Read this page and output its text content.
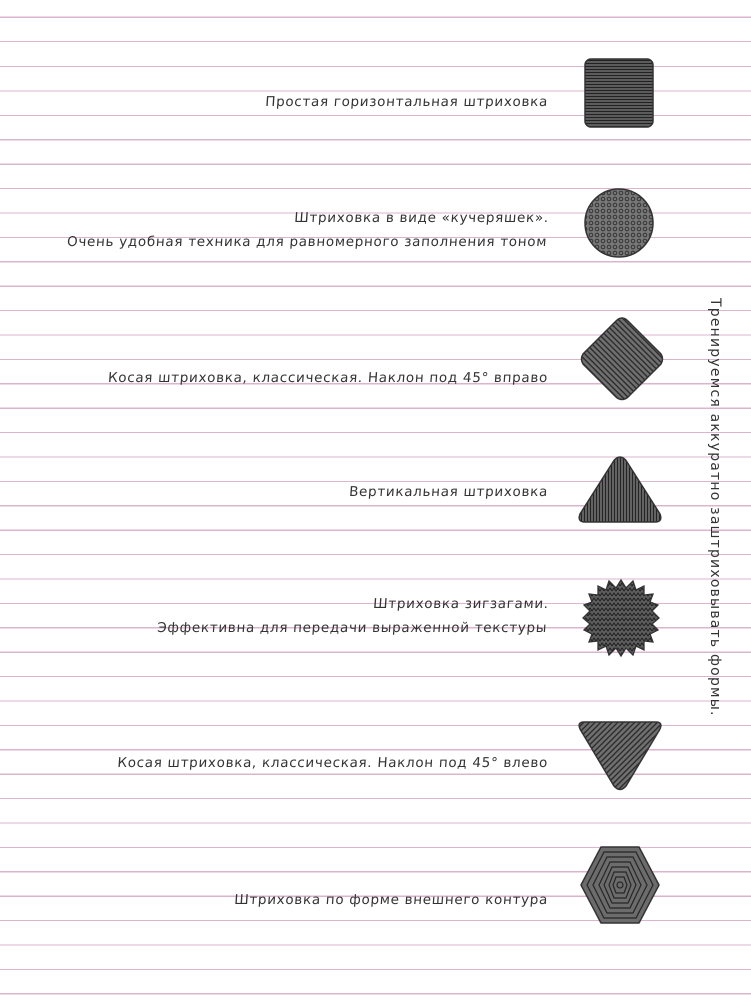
Простая горизонтальная штриховка
Штриховка в виде «кучеряшек».
Очень удобная техника для равномерного заполнения тоном
Косая штриховка, классическая. Наклон под 45° вправо
Вертикальная штриховка
Штриховка зигзагами.
Эффективна для передачи выраженной текстуры
Косая штриховка, классическая. Наклон под 45° влево
Штриховка по форме внешнего контура
Тренируемся аккуратно заштриховывать формы.
